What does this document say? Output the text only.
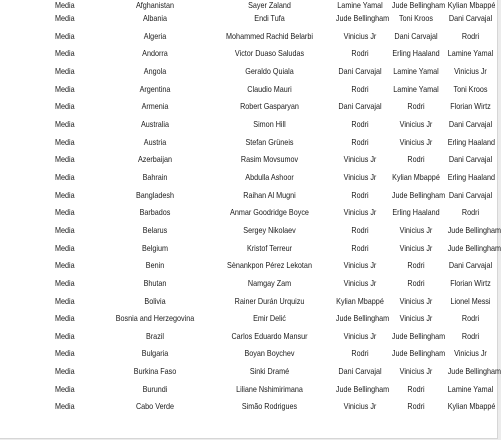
Media	Afghanistan	Sayer Zaland	Lamine Yamal	Jude Bellingham	Kylian Mbappé
Media	Albania	Endi Tufa	Jude Bellingham	Toni Kroos	Dani Carvajal
Media	Algeria	Mohammed Rachid Belarbi	Vinicius Jr	Dani Carvajal	Rodri
Media	Andorra	Victor Duaso Saludas	Rodri	Erling Haaland	Lamine Yamal
Media	Angola	Geraldo Quiala	Dani Carvajal	Lamine Yamal	Vinicius Jr
Media	Argentina	Claudio Mauri	Rodri	Lamine Yamal	Toni Kroos
Media	Armenia	Robert Gasparyan	Dani Carvajal	Rodri	Florian Wirtz
Media	Australia	Simon Hill	Rodri	Vinicius Jr	Dani Carvajal
Media	Austria	Stefan Grüneis	Rodri	Vinicius Jr	Erling Haaland
Media	Azerbaijan	Rasim Movsumov	Vinicius Jr	Rodri	Dani Carvajal
Media	Bahrain	Abdulla Ashoor	Vinicius Jr	Kylian Mbappé	Erling Haaland
Media	Bangladesh	Raihan Al Mugni	Rodri	Jude Bellingham	Dani Carvajal
Media	Barbados	Anmar Goodridge Boyce	Vinicius Jr	Erling Haaland	Rodri
Media	Belarus	Sergey Nikolaev	Rodri	Vinicius Jr	Jude Bellingham
Media	Belgium	Kristof Terreur	Rodri	Vinicius Jr	Jude Bellingham
Media	Benin	Sènankpon Pérez Lekotan	Vinicius Jr	Rodri	Dani Carvajal
Media	Bhutan	Namgay Zam	Vinicius Jr	Rodri	Florian Wirtz
Media	Bolivia	Rainer Durán Urquizu	Kylian Mbappé	Vinicius Jr	Lionel Messi
Media	Bosnia and Herzegovina	Emir Delić	Jude Bellingham	Vinicius Jr	Rodri
Media	Brazil	Carlos Eduardo Mansur	Vinicius Jr	Jude Bellingham	Rodri
Media	Bulgaria	Boyan Boychev	Rodri	Jude Bellingham	Vinicius Jr
Media	Burkina Faso	Sinki Dramé	Dani Carvajal	Vinicius Jr	Jude Bellingham
Media	Burundi	Liliane Nshimirimana	Jude Bellingham	Rodri	Lamine Yamal
Media	Cabo Verde	Simão Rodrigues	Vinicius Jr	Rodri	Kylian Mbappé
